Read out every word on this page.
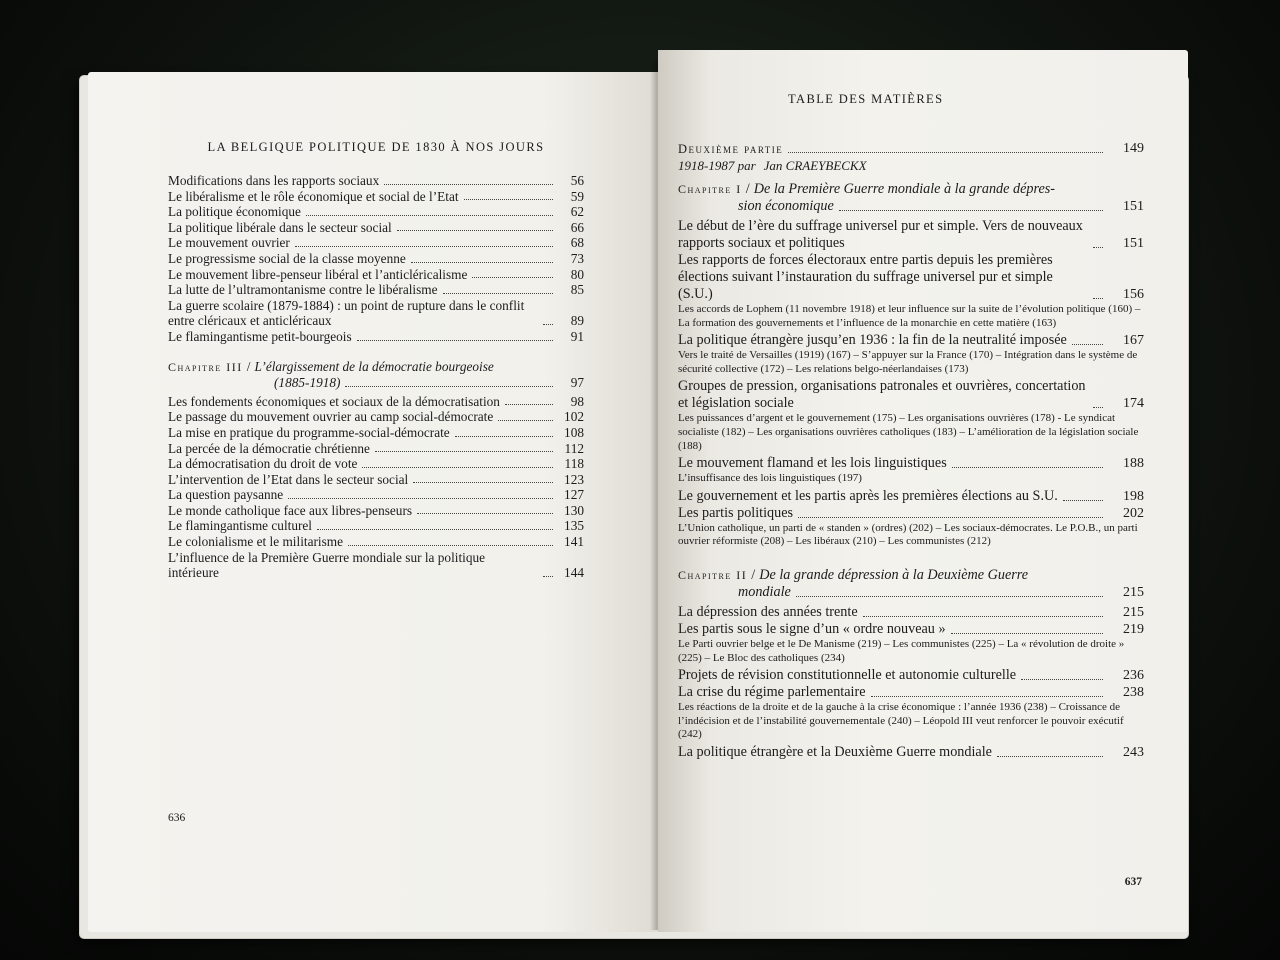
LA BELGIQUE POLITIQUE DE 1830 À NOS JOURS
Modifications dans les rapports sociaux	56
Le libéralisme et le rôle économique et social de l’Etat	59
La politique économique	62
La politique libérale dans le secteur social	66
Le mouvement ouvrier	68
Le progressisme social de la classe moyenne	73
Le mouvement libre-penseur libéral et l’anticléricalisme	80
La lutte de l’ultramontanisme contre le libéralisme	85
La guerre scolaire (1879-1884) : un point de rupture dans le conflit entre cléricaux et anticléricaux	89
Le flamingantisme petit-bourgeois	91
Chapitre III / L’élargissement de la démocratie bourgeoise
(1885-1918)	97
Les fondements économiques et sociaux de la démocratisation	98
Le passage du mouvement ouvrier au camp social-démocrate	102
La mise en pratique du programme-social-démocrate	108
La percée de la démocratie chrétienne	112
La démocratisation du droit de vote	118
L’intervention de l’Etat dans le secteur social	123
La question paysanne	127
Le monde catholique face aux libres-penseurs	130
Le flamingantisme culturel	135
Le colonialisme et le militarisme	141
L’influence de la Première Guerre mondiale sur la politique intérieure	144
636
TABLE DES MATIÈRES
Deuxième partie	149
1918-1987 par Jan CRAEYBECKX
Chapitre I / De la Première Guerre mondiale à la grande dépres-
sion économique	151
Le début de l’ère du suffrage universel pur et simple. Vers de nouveaux rapports sociaux et politiques	151
Les rapports de forces électoraux entre partis depuis les premières élections suivant l’instauration du suffrage universel pur et simple (S.U.)	156
Les accords de Lophem (11 novembre 1918) et leur influence sur la suite de l’évolution politique (160) – La formation des gouvernements et l’influence de la monarchie en cette matière (163)
La politique étrangère jusqu’en 1936 : la fin de la neutralité imposée	167
Vers le traité de Versailles (1919) (167) – S’appuyer sur la France (170) – Intégration dans le système de sécurité collective (172) – Les relations belgo-néerlandaises (173)
Groupes de pression, organisations patronales et ouvrières, concertation et législation sociale	174
Les puissances d’argent et le gouvernement (175) – Les organisations ouvrières (178) - Le syndicat socialiste (182) – Les organisations ouvrières catholiques (183) – L’amélioration de la législation sociale (188)
Le mouvement flamand et les lois linguistiques	188
L’insuffisance des lois linguistiques (197)
Le gouvernement et les partis après les premières élections au S.U.	198
Les partis politiques	202
L’Union catholique, un parti de « standen » (ordres) (202) – Les sociaux-démocrates. Le P.O.B., un parti ouvrier réformiste (208) – Les libéraux (210) – Les communistes (212)
Chapitre II / De la grande dépression à la Deuxième Guerre
mondiale	215
La dépression des années trente	215
Les partis sous le signe d’un « ordre nouveau »	219
Le Parti ouvrier belge et le De Manisme (219) – Les communistes (225) – La « révolution de droite » (225) – Le Bloc des catholiques (234)
Projets de révision constitutionnelle et autonomie culturelle	236
La crise du régime parlementaire	238
Les réactions de la droite et de la gauche à la crise économique : l’année 1936 (238) – Croissance de l’indécision et de l’instabilité gouvernementale (240) – Léopold III veut renforcer le pouvoir exécutif (242)
La politique étrangère et la Deuxième Guerre mondiale	243
637
